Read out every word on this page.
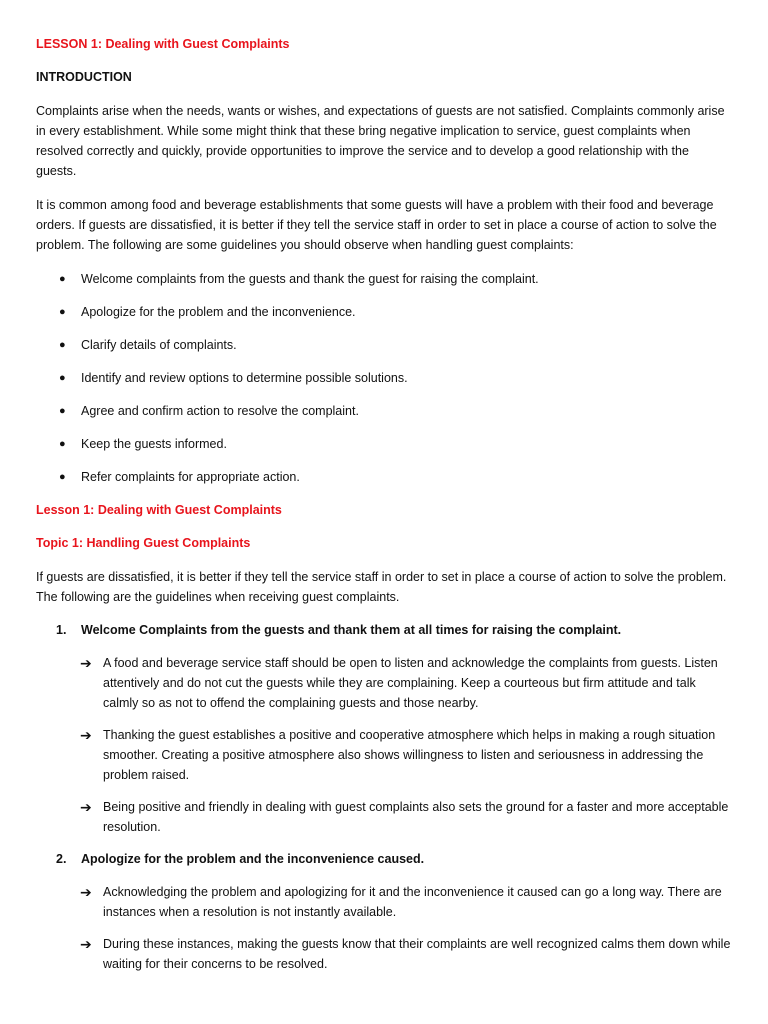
LESSON 1: Dealing with Guest Complaints

INTRODUCTION

Complaints arise when the needs, wants or wishes, and expectations of guests are not satisfied. Complaints commonly arise in every establishment. While some might think that these bring negative implication to service, guest complaints when resolved correctly and quickly, provide opportunities to improve the service and to develop a good relationship with the guests.

It is common among food and beverage establishments that some guests will have a problem with their food and beverage orders. If guests are dissatisfied, it is better if they tell the service staff in order to set in place a course of action to solve the problem. The following are some guidelines you should observe when handling guest complaints:

● Welcome complaints from the guests and thank the guest for raising the complaint.
● Apologize for the problem and the inconvenience.
● Clarify details of complaints.
● Identify and review options to determine possible solutions.
● Agree and confirm action to resolve the complaint.
● Keep the guests informed.
● Refer complaints for appropriate action.

Lesson 1: Dealing with Guest Complaints

Topic 1: Handling Guest Complaints

If guests are dissatisfied, it is better if they tell the service staff in order to set in place a course of action to solve the problem. The following are the guidelines when receiving guest complaints.

1. Welcome Complaints from the guests and thank them at all times for raising the complaint.
➔ A food and beverage service staff should be open to listen and acknowledge the complaints from guests. Listen attentively and do not cut the guests while they are complaining. Keep a courteous but firm attitude and talk calmly so as not to offend the complaining guests and those nearby.
➔ Thanking the guest establishes a positive and cooperative atmosphere which helps in making a rough situation smoother. Creating a positive atmosphere also shows willingness to listen and seriousness in addressing the problem raised.
➔ Being positive and friendly in dealing with guest complaints also sets the ground for a faster and more acceptable resolution.
2. Apologize for the problem and the inconvenience caused.
➔ Acknowledging the problem and apologizing for it and the inconvenience it caused can go a long way. There are instances when a resolution is not instantly available.
➔ During these instances, making the guests know that their complaints are well recognized calms them down while waiting for their concerns to be resolved.
